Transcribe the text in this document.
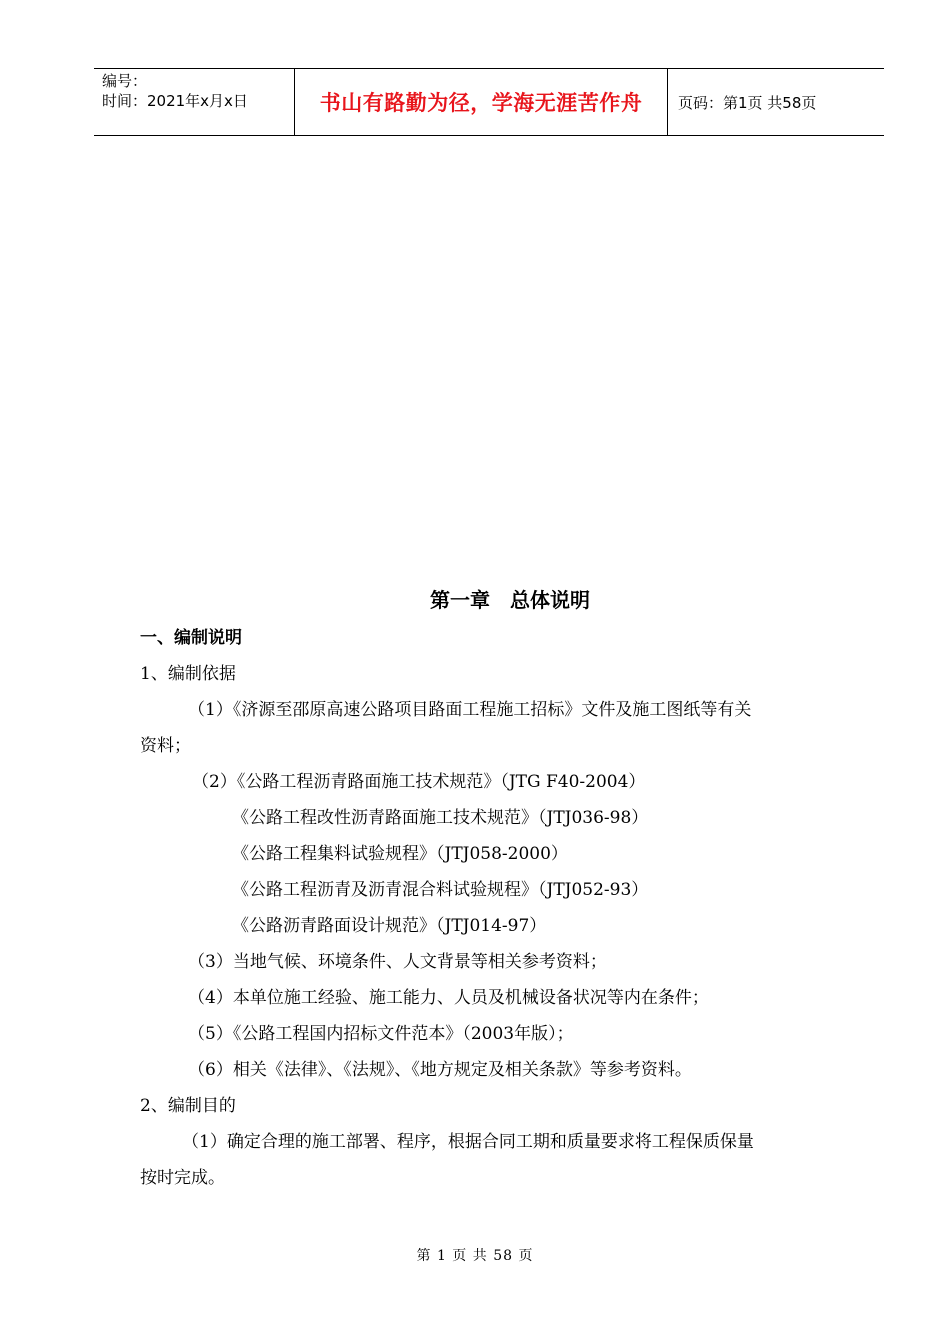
编号：
时间：2021年x月x日	书山有路勤为径，学海无涯苦作舟	页码：第1页 共58页
第一章　总体说明
一、编制说明
1、编制依据
（1）《济源至邵原高速公路项目路面工程施工招标》文件及施工图纸等有关
资料；
（2）《公路工程沥青路面施工技术规范》（JTG F40-2004）
《公路工程改性沥青路面施工技术规范》（JTJ036-98）
《公路工程集料试验规程》（JTJ058-2000）
《公路工程沥青及沥青混合料试验规程》（JTJ052-93）
《公路沥青路面设计规范》（JTJ014-97）
（3）当地气候、环境条件、人文背景等相关参考资料；
（4）本单位施工经验、施工能力、人员及机械设备状况等内在条件；
（5）《公路工程国内招标文件范本》（2003年版）；
（6）相关《法律》、《法规》、《地方规定及相关条款》等参考资料。
2、编制目的
（1）确定合理的施工部署、程序，根据合同工期和质量要求将工程保质保量
按时完成。
第 1 页 共 58 页
